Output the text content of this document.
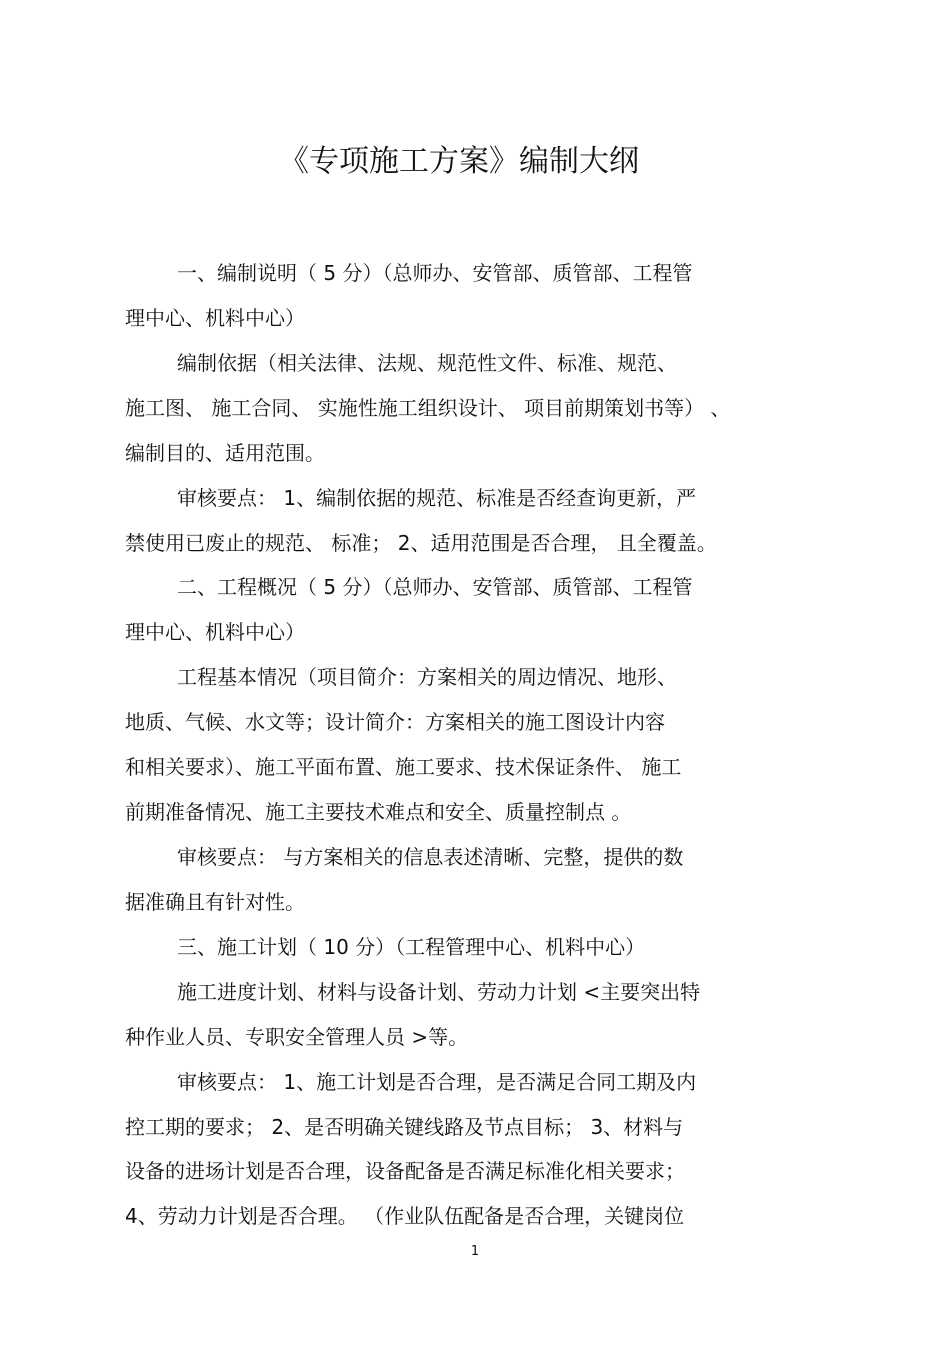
《专项施工方案》编制大纲
一、编制说明（ 5 分）（总师办、安管部、质管部、工程管
理中心、机料中心）
编制依据（相关法律、法规、规范性文件、标准、规范、
施工图、 施工合同、 实施性施工组织设计、 项目前期策划书等） 、
编制目的、适用范围。
审核要点： 1、编制依据的规范、标准是否经查询更新，严
禁使用已废止的规范、 标准； 2、适用范围是否合理， 且全覆盖。
二、工程概况（ 5 分）（总师办、安管部、质管部、工程管
理中心、机料中心）
工程基本情况（项目简介：方案相关的周边情况、地形、
地质、气候、水文等；设计简介：方案相关的施工图设计内容
和相关要求）、施工平面布置、施工要求、技术保证条件、 施工
前期准备情况、施工主要技术难点和安全、质量控制点 。
审核要点： 与方案相关的信息表述清晰、完整，提供的数
据准确且有针对性。
三、施工计划（ 10 分）（工程管理中心、机料中心）
施工进度计划、材料与设备计划、劳动力计划 <主要突出特
种作业人员、专职安全管理人员 >等。
审核要点： 1、施工计划是否合理，是否满足合同工期及内
控工期的要求； 2、是否明确关键线路及节点目标； 3、材料与
设备的进场计划是否合理，设备配备是否满足标准化相关要求；
4、劳动力计划是否合理。 （作业队伍配备是否合理，关键岗位
1
